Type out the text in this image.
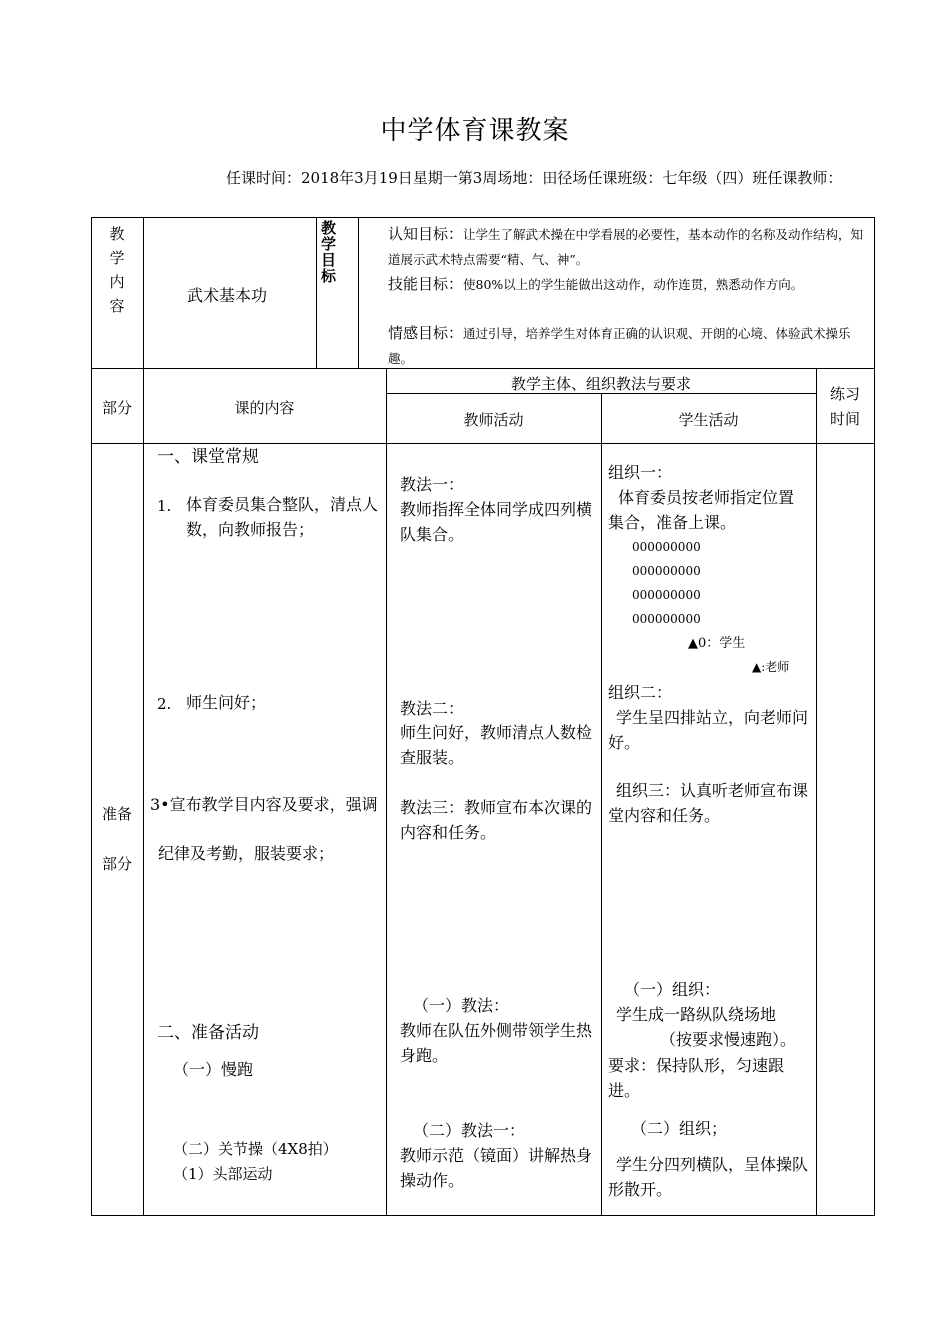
中学体育课教案
任课时间：2018年3月19日星期一第3周场地：田径场任课班级：七年级（四）班任课教师：
教学内容
武术基本功
教学目标
认知目标：让学生了解武术操在中学看展的必要性，基本动作的名称及动作结构，知道展示武术特点需要“精、气、神”。
技能目标：使80%以上的学生能做出这动作，动作连贯，熟悉动作方向。
情感目标：通过引导，培养学生对体育正确的认识观、开朗的心境、体验武术操乐趣。
部分	课的内容
教学主体、组织教法与要求
教师活动	学生活动
练习时间
准备
部分
一、课堂常规
1. 体育委员集合整队，清点人数，向教师报告；
2. 师生问好；
3•宣布教学目内容及要求，强调
纪律及考勤，服装要求；
二、准备活动
（一）慢跑
（二）关节操（4X8拍）
（1）头部运动
教法一：
教师指挥全体同学成四列横队集合。
教法二：
师生问好，教师清点人数检查服装。
教法三：教师宣布本次课的内容和任务。
（一）教法：
教师在队伍外侧带领学生热身跑。
（二）教法一：
教师示范（镜面）讲解热身操动作。
组织一：
体育委员按老师指定位置集合，准备上课。
000000000
000000000
000000000
000000000
▲0：学生
▲:老师
组织二：
学生呈四排站立，向老师问好。
组织三：认真听老师宣布课堂内容和任务。
（一）组织：
学生成一路纵队绕场地
（按要求慢速跑）。
要求：保持队形，匀速跟进。
（二）组织；
学生分四列横队，呈体操队形散开。
